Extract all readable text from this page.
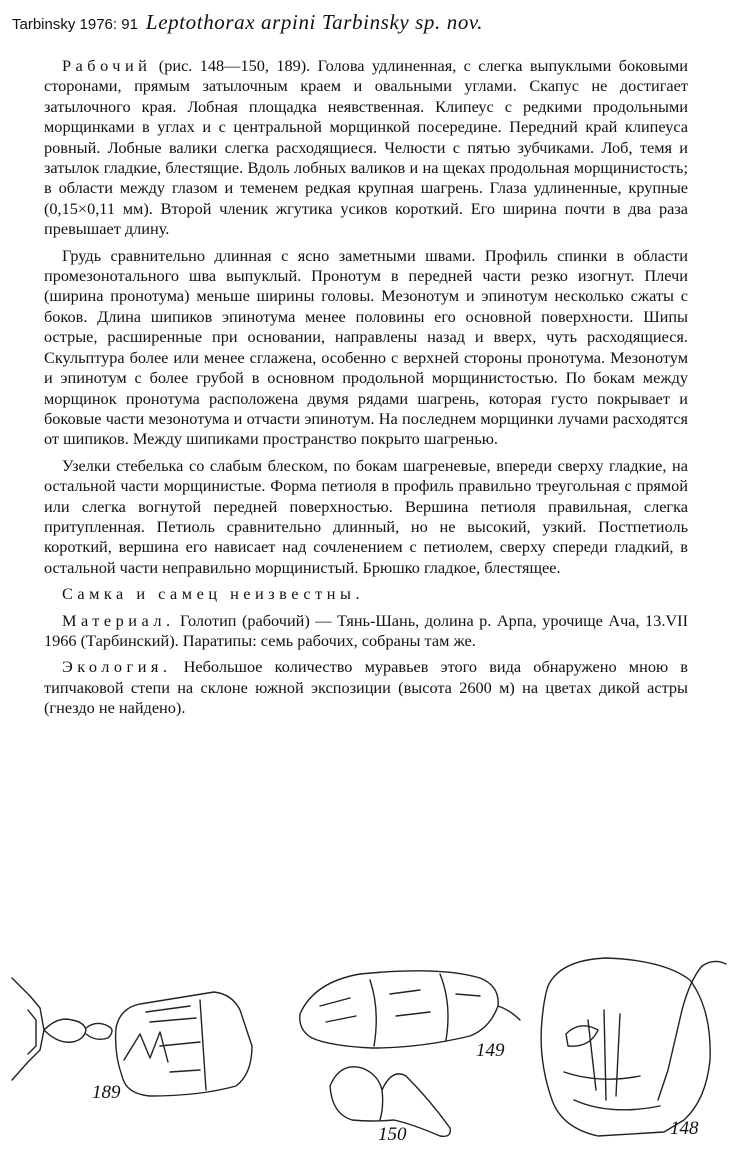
Tarbinsky 1976: 91 Leptothorax arpini Tarbinsky sp. nov.

Рабочий (рис. 148—150, 189). Голова удлиненная, с слегка выпуклыми боковыми сторонами, прямым затылочным краем и овальными углами. Скапус не достигает затылочного края. Лобная площадка неявственная. Клипеус с редкими продольными морщинками в углах и с центральной морщинкой посередине. Передний край клипеуса ровный. Лобные валики слегка расходящиеся. Челюсти с пятью зубчиками. Лоб, темя и затылок гладкие, блестящие. Вдоль лобных валиков и на щеках продольная морщинистость; в области между глазом и теменем редкая крупная шагрень. Глаза удлиненные, крупные (0,15×0,11 мм). Второй членик жгутика усиков короткий. Его ширина почти в два раза превышает длину.

Грудь сравнительно длинная с ясно заметными швами. Профиль спинки в области промезонотального шва выпуклый. Пронотум в передней части резко изогнут. Плечи (ширина пронотума) меньше ширины головы. Мезонотум и эпинотум несколько сжаты с боков. Длина шипиков эпинотума менее половины его основной поверхности. Шипы острые, расширенные при основании, направлены назад и вверх, чуть расходящиеся. Скульптура более или менее сглажена, особенно с верхней стороны пронотума. Мезонотум и эпинотум с более грубой в основном продольной морщинистостью. По бокам между морщинок пронотума расположена двумя рядами шагрень, которая густо покрывает и боковые части мезонотума и отчасти эпинотум. На последнем морщинки лучами расходятся от шипиков. Между шипиками пространство покрыто шагренью.

Узелки стебелька со слабым блеском, по бокам шагреневые, впереди сверху гладкие, на остальной части морщинистые. Форма петиоля в профиль правильно треугольная с прямой или слегка вогнутой передней поверхностью. Вершина петиоля правильная, слегка притупленная. Петиоль сравнительно длинный, но не высокий, узкий. Постпетиоль короткий, вершина его нависает над сочленением с петиолем, сверху спереди гладкий, в остальной части неправильно морщинистый. Брюшко гладкое, блестящее.

Самка и самец неизвестны.

Материал. Голотип (рабочий) — Тянь-Шань, долина р. Арпа, урочище Ача, 13.VII 1966 (Тарбинский). Паратипы: семь рабочих, собраны там же.

Экология. Небольшое количество муравьев этого вида обнаружено мною в типчаковой степи на склоне южной экспозиции (высота 2600 м) на цветах дикой астры (гнездо не найдено).

189
149
150	148
